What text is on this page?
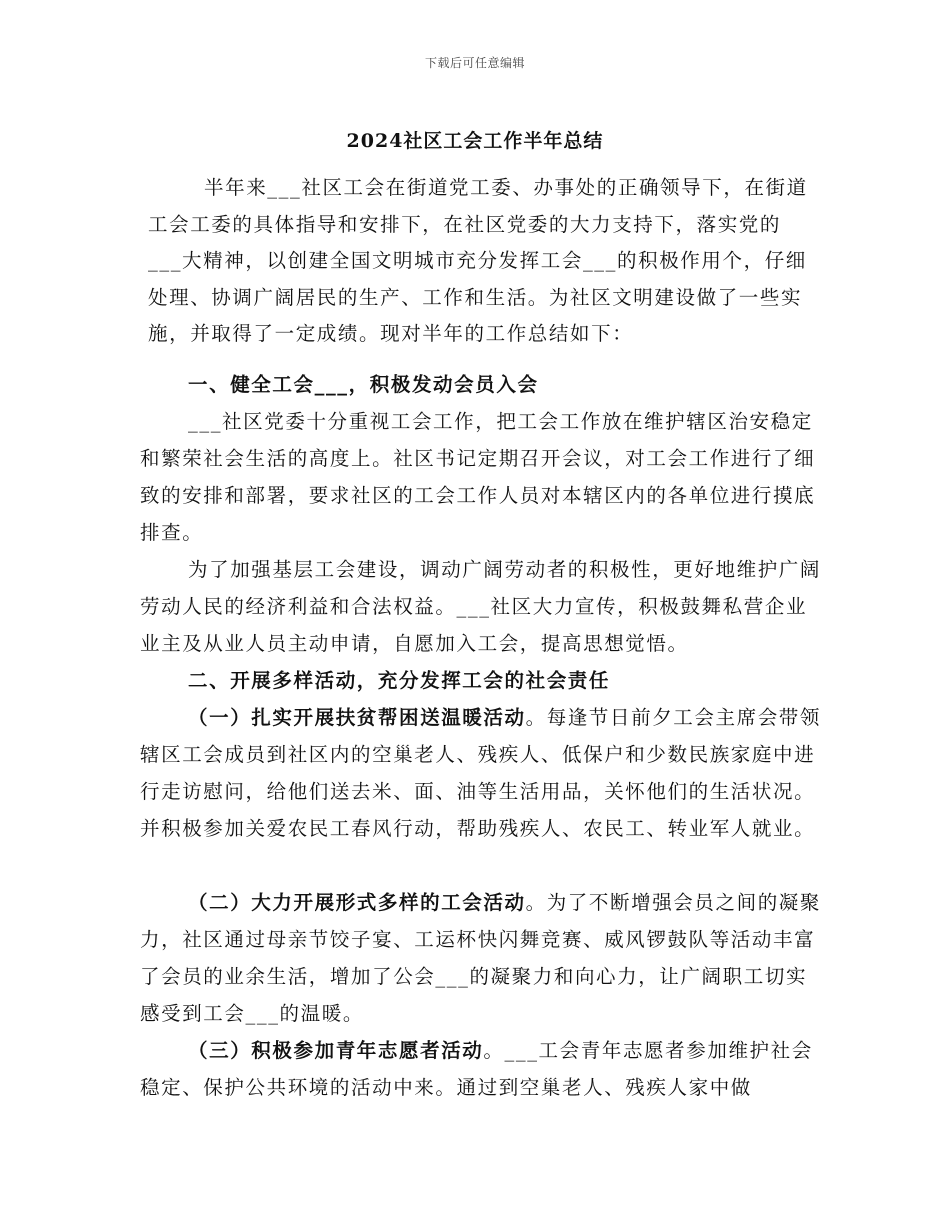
下载后可任意编辑
2024社区工会工作半年总结

半年来___社区工会在街道党工委、办事处的正确领导下，在街道工会工委的具体指导和安排下，在社区党委的大力支持下，落实党的___大精神，以创建全国文明城市充分发挥工会___的积极作用个，仔细处理、协调广阔居民的生产、工作和生活。为社区文明建设做了一些实施，并取得了一定成绩。现对半年的工作总结如下：

一、健全工会___，积极发动会员入会

___社区党委十分重视工会工作，把工会工作放在维护辖区治安稳定和繁荣社会生活的高度上。社区书记定期召开会议，对工会工作进行了细致的安排和部署，要求社区的工会工作人员对本辖区内的各单位进行摸底排查。

为了加强基层工会建设，调动广阔劳动者的积极性，更好地维护广阔劳动人民的经济利益和合法权益。___社区大力宣传，积极鼓舞私营企业业主及从业人员主动申请，自愿加入工会，提高思想觉悟。

二、开展多样活动，充分发挥工会的社会责任

（一）扎实开展扶贫帮困送温暖活动。每逢节日前夕工会主席会带领辖区工会成员到社区内的空巢老人、残疾人、低保户和少数民族家庭中进行走访慰问，给他们送去米、面、油等生活用品，关怀他们的生活状况。并积极参加关爱农民工春风行动，帮助残疾人、农民工、转业军人就业。

（二）大力开展形式多样的工会活动。为了不断增强会员之间的凝聚力，社区通过母亲节饺子宴、工运杯快闪舞竞赛、威风锣鼓队等活动丰富了会员的业余生活，增加了公会___的凝聚力和向心力，让广阔职工切实感受到工会___的温暖。

（三）积极参加青年志愿者活动。___工会青年志愿者参加维护社会稳定、保护公共环境的活动中来。通过到空巢老人、残疾人家中做
